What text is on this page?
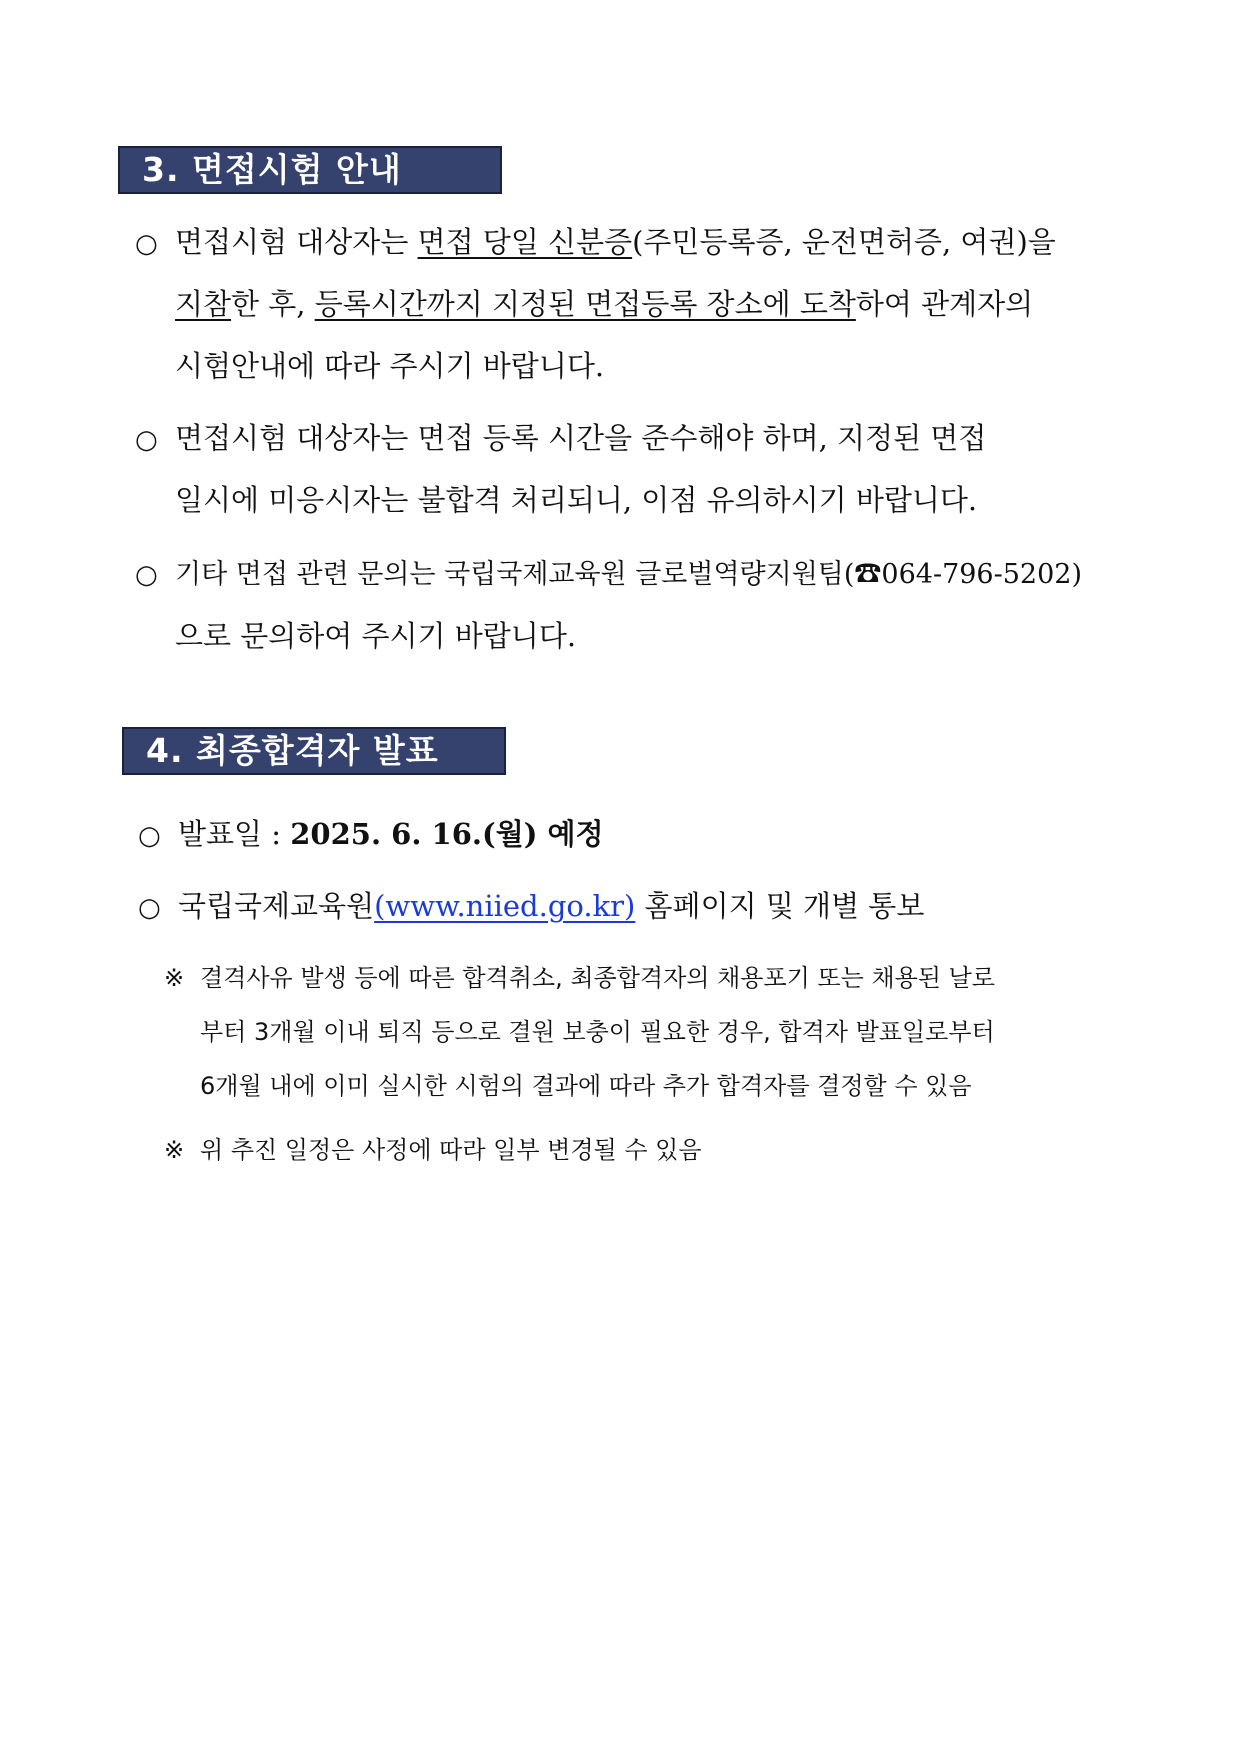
3. 면접시험 안내
○ 면접시험 대상자는 면접 당일 신분증(주민등록증, 운전면허증, 여권)을
지참한 후, 등록시간까지 지정된 면접등록 장소에 도착하여 관계자의
시험안내에 따라 주시기 바랍니다.
○ 면접시험 대상자는 면접 등록 시간을 준수해야 하며, 지정된 면접
일시에 미응시자는 불합격 처리되니, 이점 유의하시기 바랍니다.
○ 기타 면접 관련 문의는 국립국제교육원 글로벌역량지원팀(☎064-796-5202)
으로 문의하여 주시기 바랍니다.
4. 최종합격자 발표
○ 발표일 : 2025. 6. 16.(월) 예정
○ 국립국제교육원(www.niied.go.kr) 홈페이지 및 개별 통보
※ 결격사유 발생 등에 따른 합격취소, 최종합격자의 채용포기 또는 채용된 날로
부터 3개월 이내 퇴직 등으로 결원 보충이 필요한 경우, 합격자 발표일로부터
6개월 내에 이미 실시한 시험의 결과에 따라 추가 합격자를 결정할 수 있음
※ 위 추진 일정은 사정에 따라 일부 변경될 수 있음
